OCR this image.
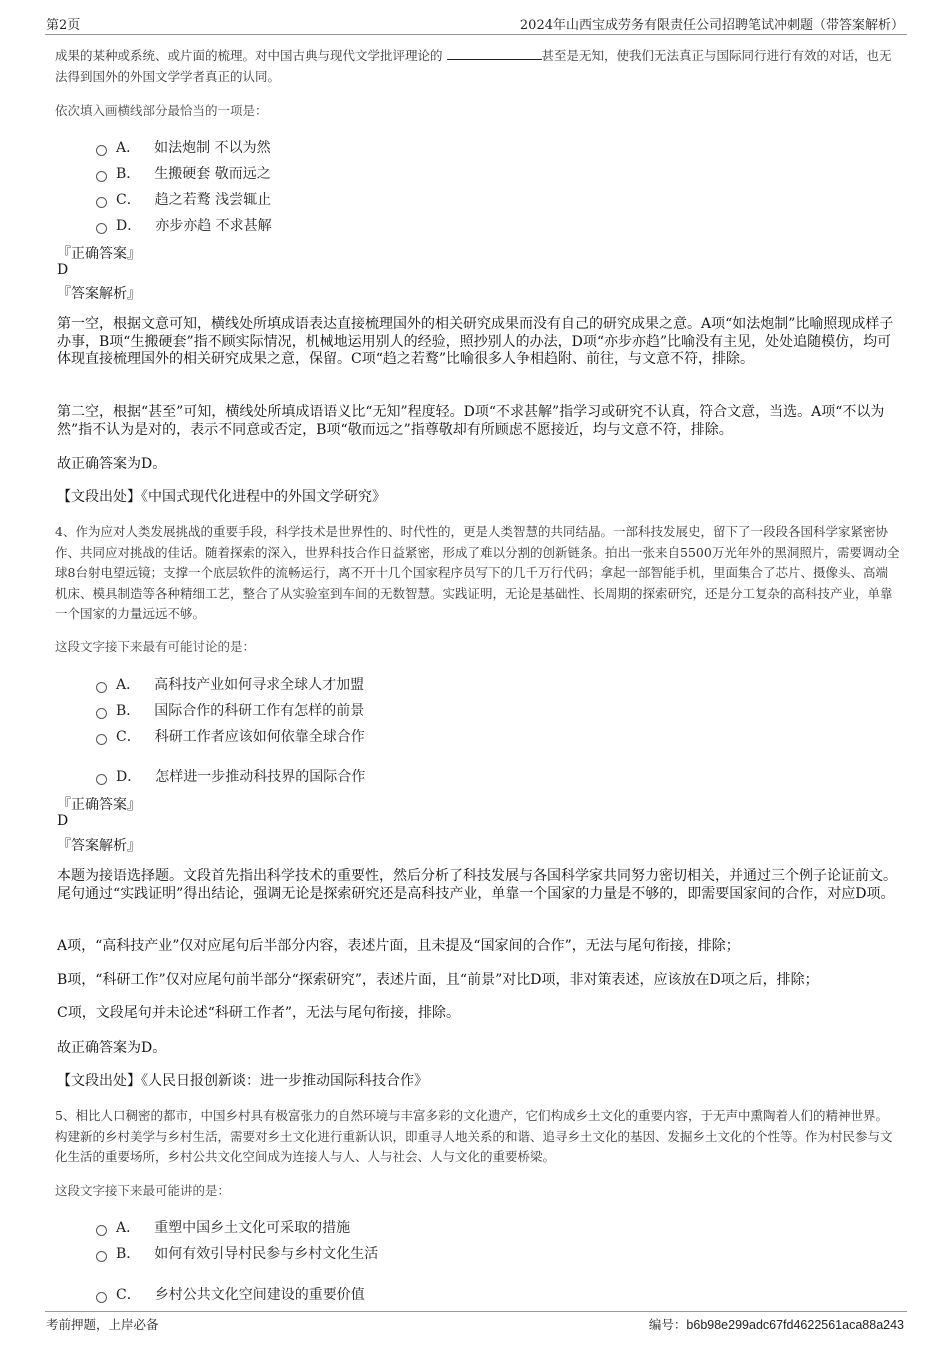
第2页	2024年山西宝成劳务有限责任公司招聘笔试冲刺题（带答案解析）
成果的某种或系统、或片面的梳理。对中国古典与现代文学批评理论的	甚至是无知，使我们无法真正与国际同行进行有效的对话，也无法得到国外的外国文学学者真正的认同。
依次填入画横线部分最恰当的一项是：
A． 如法炮制 不以为然
B． 生搬硬套 敬而远之
C． 趋之若鹜 浅尝辄止
D． 亦步亦趋 不求甚解
『正确答案』
D
『答案解析』
第一空，根据文意可知，横线处所填成语表达直接梳理国外的相关研究成果而没有自己的研究成果之意。A项“如法炮制”比喻照现成样子办事，B项“生搬硬套”指不顾实际情况，机械地运用别人的经验，照抄别人的办法，D项“亦步亦趋”比喻没有主见，处处追随模仿，均可体现直接梳理国外的相关研究成果之意，保留。C项“趋之若鹜”比喻很多人争相趋附、前往，与文意不符，排除。
第二空，根据“甚至”可知，横线处所填成语语义比“无知”程度轻。D项“不求甚解”指学习或研究不认真，符合文意，当选。A项“不以为然”指不认为是对的，表示不同意或否定，B项“敬而远之”指尊敬却有所顾虑不愿接近，均与文意不符，排除。
故正确答案为D。
【文段出处】《中国式现代化进程中的外国文学研究》
4、作为应对人类发展挑战的重要手段，科学技术是世界性的、时代性的，更是人类智慧的共同结晶。一部科技发展史，留下了一段段各国科学家紧密协作、共同应对挑战的佳话。随着探索的深入，世界科技合作日益紧密，形成了难以分割的创新链条。拍出一张来自5500万光年外的黑洞照片，需要调动全球8台射电望远镜；支撑一个底层软件的流畅运行，离不开十几个国家程序员写下的几千万行代码；拿起一部智能手机，里面集合了芯片、摄像头、高端机床、模具制造等各种精细工艺，整合了从实验室到车间的无数智慧。实践证明，无论是基础性、长周期的探索研究，还是分工复杂的高科技产业，单靠一个国家的力量远远不够。
这段文字接下来最有可能讨论的是：
A． 高科技产业如何寻求全球人才加盟
B． 国际合作的科研工作有怎样的前景
C． 科研工作者应该如何依靠全球合作
D． 怎样进一步推动科技界的国际合作
『正确答案』
D
『答案解析』
本题为接语选择题。文段首先指出科学技术的重要性，然后分析了科技发展与各国科学家共同努力密切相关，并通过三个例子论证前文。尾句通过“实践证明”得出结论，强调无论是探索研究还是高科技产业，单靠一个国家的力量是不够的，即需要国家间的合作，对应D项。
A项，“高科技产业”仅对应尾句后半部分内容，表述片面，且未提及“国家间的合作”，无法与尾句衔接，排除；
B项，“科研工作”仅对应尾句前半部分“探索研究”，表述片面，且“前景”对比D项，非对策表述，应该放在D项之后，排除；
C项，文段尾句并未论述“科研工作者”，无法与尾句衔接，排除。
故正确答案为D。
【文段出处】《人民日报创新谈：进一步推动国际科技合作》
5、相比人口稠密的都市，中国乡村具有极富张力的自然环境与丰富多彩的文化遗产，它们构成乡土文化的重要内容，于无声中熏陶着人们的精神世界。构建新的乡村美学与乡村生活，需要对乡土文化进行重新认识，即重寻人地关系的和谐、追寻乡土文化的基因、发掘乡土文化的个性等。作为村民参与文化生活的重要场所，乡村公共文化空间成为连接人与人、人与社会、人与文化的重要桥梁。
这段文字接下来最可能讲的是：
A． 重塑中国乡土文化可采取的措施
B． 如何有效引导村民参与乡村文化生活
C． 乡村公共文化空间建设的重要价值
考前押题，上岸必备	编号：b6b98e299adc67fd4622561aca88a243
